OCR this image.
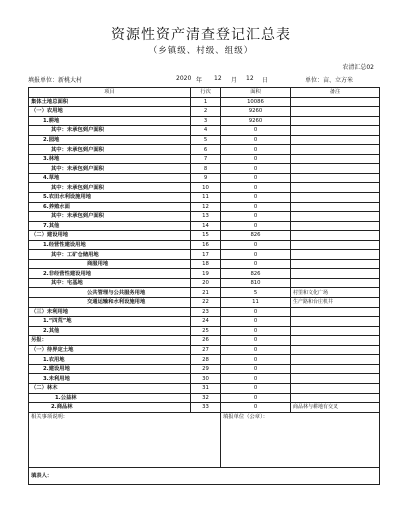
资源性资产清查登记汇总表
（乡镇级、村级、组级）
农清汇总02
填报单位：新桃大村	2020 年 12 月 12 日	单位：亩、立方米
项目	行次	面积	备注
集体土地总面积	1	10086	
（一）农用地	2	9260	
1.耕地	3	9260	
其中：未承包到户面积	4	0	
2.园地	5	0	
其中：未承包到户面积	6	0	
3.林地	7	0	
其中：未承包到户面积	8	0	
4.草地	9	0	
其中：未承包到户面积	10	0	
5.农田水利设施用地	11	0	
6.养殖水面	12	0	
其中：未承包到户面积	13	0	
7.其他	14	0	
（二）建设用地	15	826	
1.经营性建设用地	16	0	
其中：工矿仓储用地	17	0	
商服用地	18	0	
2.非经营性建设用地	19	826	
其中：宅基地	20	810	
公共管理与公共服务用地	21	5	村里和文化广场
交通运输和水利设施用地	22	11	生产路和台庄机井
（三）未利用地	23	0	
1.“四荒”地	24	0	
2.其他	25	0	
另报：	26	0	
（一）待界定土地	27	0	
1.农用地	28	0	
2.建设用地	29	0	
3.未利用地	30	0	
（二）林木	31	0	
1.公益林	32	0	
2.商品林	33	0	商品林与耕地有交叉
相关事项说明：		填报单位（公章）：	
填表人：			
